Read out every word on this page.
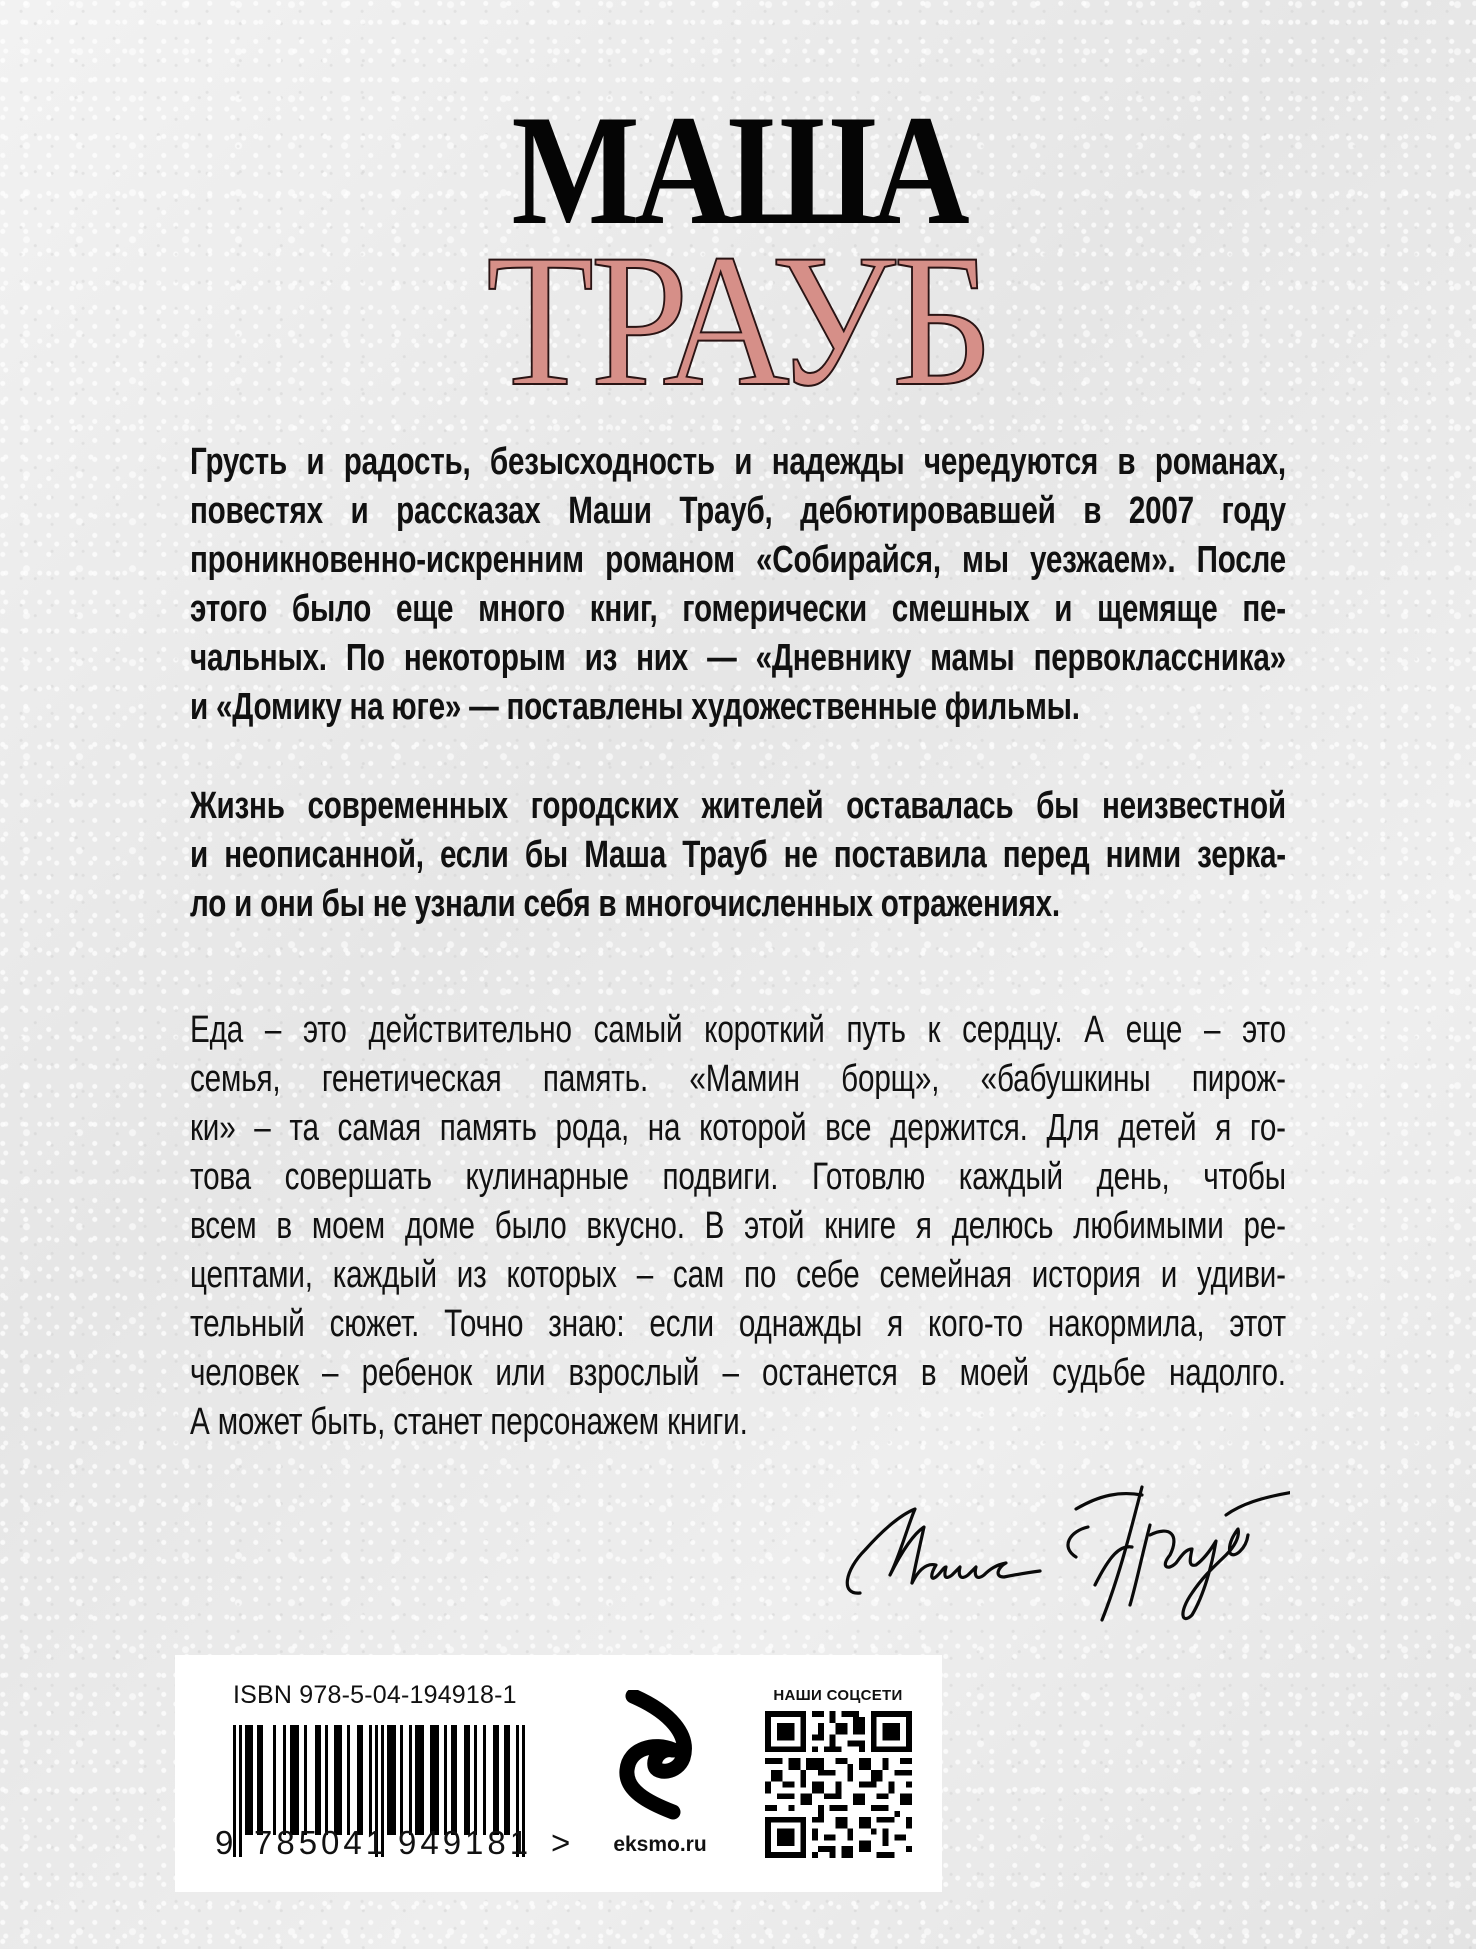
МАША
ТРАУБ
Грусть и радость, безысходность и надежды чередуются в романах,
повестях и рассказах Маши Трауб, дебютировавшей в 2007 году
проникновенно-искренним романом «Собирайся, мы уезжаем». После
этого было еще много книг, гомерически смешных и щемяще пе-
чальных. По некоторым из них — «Дневнику мамы первоклассника»
и «Домику на юге» — поставлены художественные фильмы.
Жизнь современных городских жителей оставалась бы неизвестной
и неописанной, если бы Маша Трауб не поставила перед ними зерка-
ло и они бы не узнали себя в многочисленных отражениях.
Еда – это действительно самый короткий путь к сердцу. А еще – это
семья, генетическая память. «Мамин борщ», «бабушкины пирож-
ки» – та самая память рода, на которой все держится. Для детей я го-
това совершать кулинарные подвиги. Готовлю каждый день, чтобы
всем в моем доме было вкусно. В этой книге я делюсь любимыми ре-
цептами, каждый из которых – сам по себе семейная история и удиви-
тельный сюжет. Точно знаю: если однажды я кого-то накормила, этот
человек – ребенок или взрослый – останется в моей судьбе надолго.
А может быть, станет персонажем книги.
ISBN 978-5-04-194918-1
9 785041 949181 >	eksmo.ru
НАШИ СОЦСЕТИ
